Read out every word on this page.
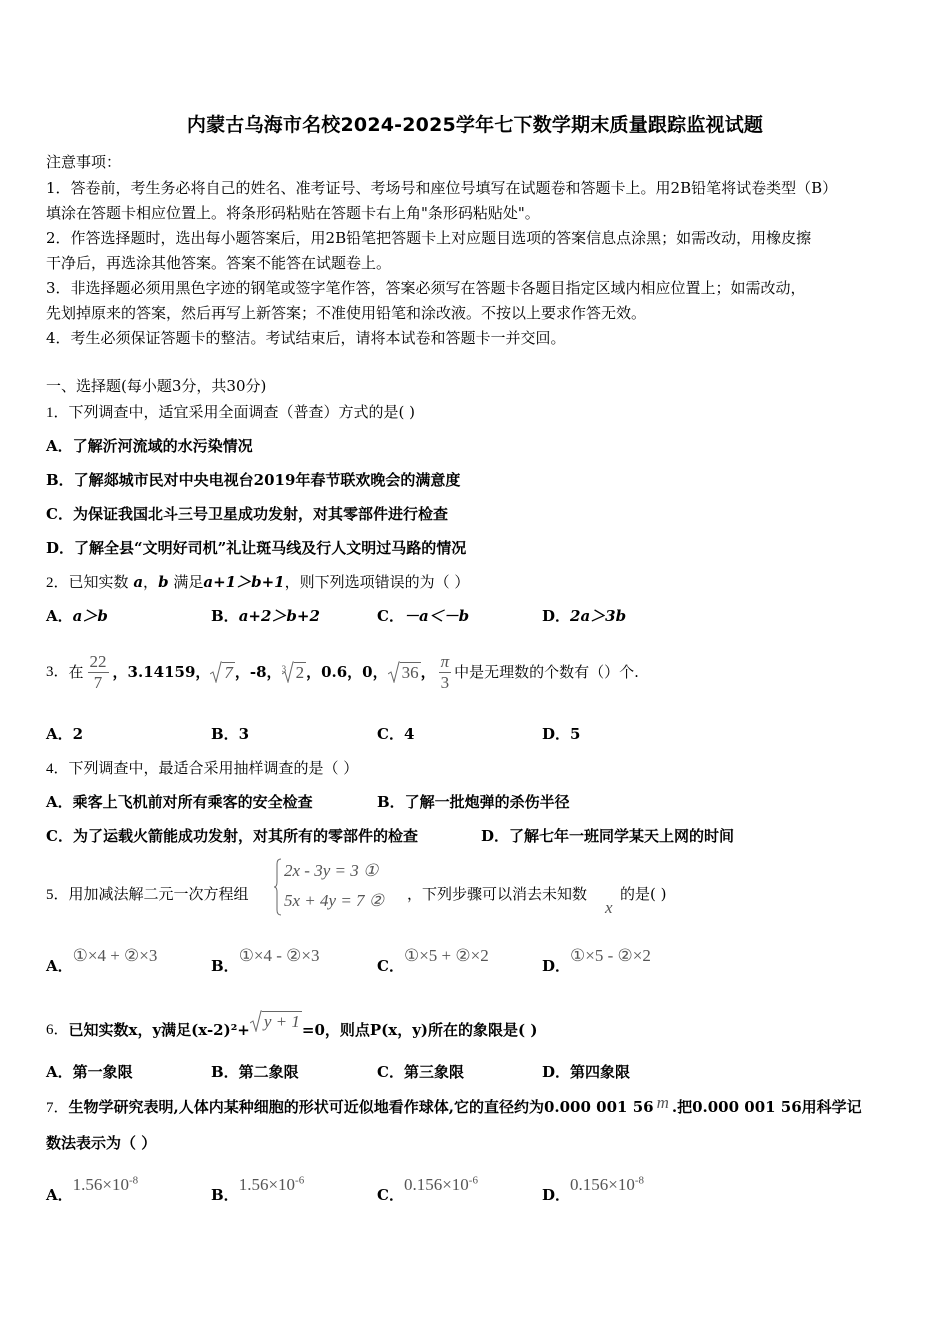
内蒙古乌海市名校2024-2025学年七下数学期末质量跟踪监视试题
注意事项：
1．答卷前，考生务必将自己的姓名、准考证号、考场号和座位号填写在试题卷和答题卡上。用2B铅笔将试卷类型（B）
填涂在答题卡相应位置上。将条形码粘贴在答题卡右上角"条形码粘贴处"。
2．作答选择题时，选出每小题答案后，用2B铅笔把答题卡上对应题目选项的答案信息点涂黑；如需改动，用橡皮擦
干净后，再选涂其他答案。答案不能答在试题卷上。
3．非选择题必须用黑色字迹的钢笔或签字笔作答，答案必须写在答题卡各题目指定区域内相应位置上；如需改动，
先划掉原来的答案，然后再写上新答案；不准使用铅笔和涂改液。不按以上要求作答无效。
4．考生必须保证答题卡的整洁。考试结束后，请将本试卷和答题卡一并交回。
一、选择题(每小题3分，共30分)
1．下列调查中，适宜采用全面调查（普查）方式的是( )
A．了解沂河流域的水污染情况
B．了解郯城市民对中央电视台2019年春节联欢晚会的满意度
C．为保证我国北斗三号卫星成功发射，对其零部件进行检查
D．了解全县“文明好司机”礼让斑马线及行人文明过马路的情况
2．已知实数 a，b 满足a+1＞b+1，则下列选项错误的为（ ）
A．a＞b	B．a+2＞b+2	C．－a＜－b	D．2a＞3b
3． 在 $\frac{22}{7}$ ，3.14159， 7 ，-8， 3 2 ，0.6，0， 36 ， $\frac{\pi}{3}$ 中是无理数的个数有（）个.
A．2	B．3	C．4	D．5
4．下列调查中，最适合采用抽样调查的是（ ）
A．乘客上飞机前对所有乘客的安全检查	B．了解一批炮弹的杀伤半径
C．为了运载火箭能成功发射，对其所有的零部件的检查	D．了解七年一班同学某天上网的时间
5．用加减法解二元一次方程组
2x - 3y = 3 ①
5x + 4y = 7 ② ，下列步骤可以消去未知数
x
的是( )
A．①×4 + ②×3
B．①×4 - ②×3
C．①×5 + ②×2
D．①×5 - ②×2
6． 已知实数x，y满足(x-2)²+ y + 1 =0，则点P(x，y)所在的象限是( )
A．第一象限	B．第二象限	C．第三象限	D．第四象限
7．生物学研究表明,人体内某种细胞的形状可近似地看作球体,它的直径约为0.000 001 56 m .把0.000 001 56用科学记
数法表示为（ ）
A．$1.56\times 10^{-8}$
B．$1.56\times 10^{-6}$
C．$0.156\times 10^{-6}$
D．$0.156\times 10^{-8}$
